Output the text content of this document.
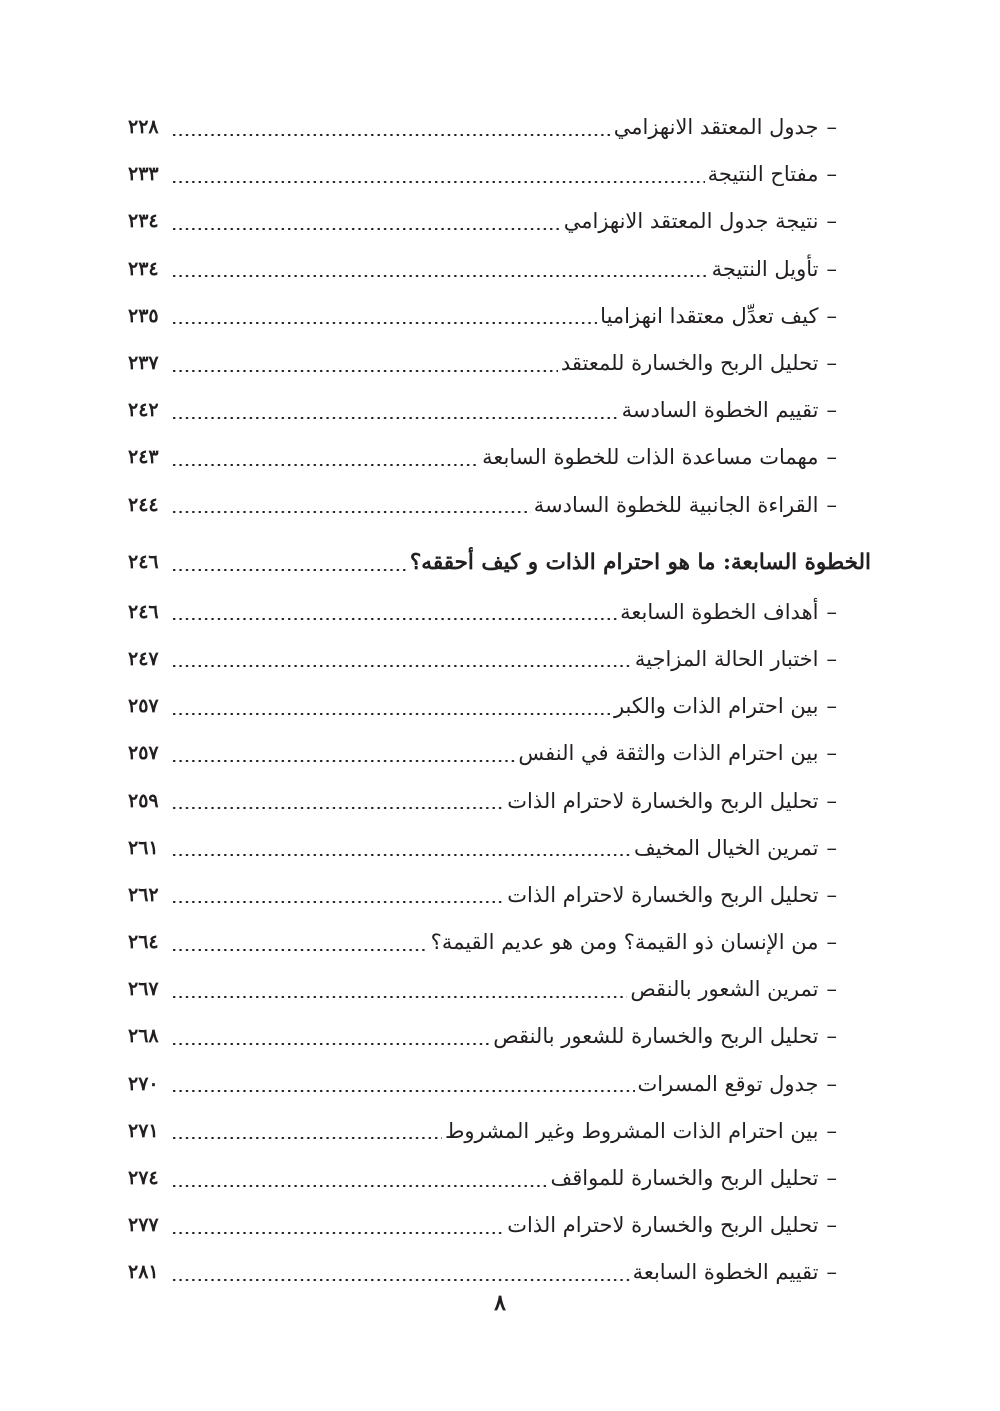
–
جدول المعتقد الانهزامي
٢٢٨
–
مفتاح النتيجة
٢٣٣
–
نتيجة جدول المعتقد الانهزامي
٢٣٤
–
تأويل النتيجة
٢٣٤
–
كيف تعدِّل معتقدا انهزاميا
٢٣٥
–
تحليل الربح والخسارة للمعتقد
٢٣٧
–
تقييم الخطوة السادسة
٢٤٢
–
مهمات مساعدة الذات للخطوة السابعة
٢٤٣
–
القراءة الجانبية للخطوة السادسة
٢٤٤
الخطوة السابعة: ما هو احترام الذات و كيف أحققه؟
٢٤٦
–
أهداف الخطوة السابعة
٢٤٦
–
اختبار الحالة المزاجية
٢٤٧
–
بين احترام الذات والكبر
٢٥٧
–
بين احترام الذات والثقة في النفس
٢٥٧
–
تحليل الربح والخسارة لاحترام الذات
٢٥٩
–
تمرين الخيال المخيف
٢٦١
–
تحليل الربح والخسارة لاحترام الذات
٢٦٢
–
من الإنسان ذو القيمة؟ ومن هو عديم القيمة؟
٢٦٤
–
تمرين الشعور بالنقص
٢٦٧
–
تحليل الربح والخسارة للشعور بالنقص
٢٦٨
–
جدول توقع المسرات
٢٧٠
–
بين احترام الذات المشروط وغير المشروط
٢٧١
–
تحليل الربح والخسارة للمواقف
٢٧٤
–
تحليل الربح والخسارة لاحترام الذات
٢٧٧
–
تقييم الخطوة السابعة
٢٨١
٨
